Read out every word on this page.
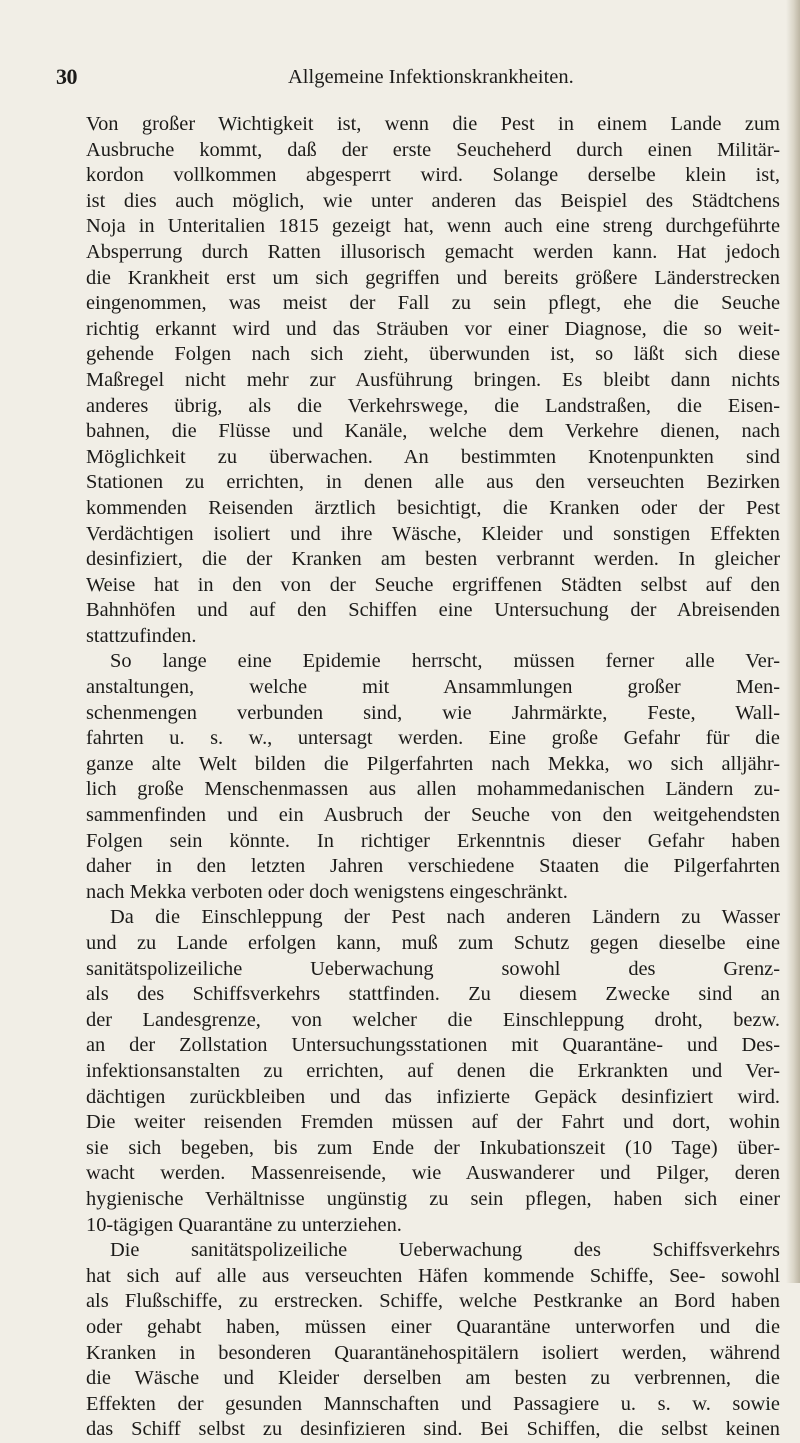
30	Allgemeine Infektionskrankheiten.
Von großer Wichtigkeit ist, wenn die Pest in einem Lande zum
Ausbruche kommt, daß der erste Seucheherd durch einen Militär-
kordon vollkommen abgesperrt wird. Solange derselbe klein ist,
ist dies auch möglich, wie unter anderen das Beispiel des Städtchens
Noja in Unteritalien 1815 gezeigt hat, wenn auch eine streng durchgeführte
Absperrung durch Ratten illusorisch gemacht werden kann. Hat jedoch
die Krankheit erst um sich gegriffen und bereits größere Länderstrecken
eingenommen, was meist der Fall zu sein pflegt, ehe die Seuche
richtig erkannt wird und das Sträuben vor einer Diagnose, die so weit-
gehende Folgen nach sich zieht, überwunden ist, so läßt sich diese
Maßregel nicht mehr zur Ausführung bringen. Es bleibt dann nichts
anderes übrig, als die Verkehrswege, die Landstraßen, die Eisen-
bahnen, die Flüsse und Kanäle, welche dem Verkehre dienen, nach
Möglichkeit zu überwachen. An bestimmten Knotenpunkten sind
Stationen zu errichten, in denen alle aus den verseuchten Bezirken
kommenden Reisenden ärztlich besichtigt, die Kranken oder der Pest
Verdächtigen isoliert und ihre Wäsche, Kleider und sonstigen Effekten
desinfiziert, die der Kranken am besten verbrannt werden. In gleicher
Weise hat in den von der Seuche ergriffenen Städten selbst auf den
Bahnhöfen und auf den Schiffen eine Untersuchung der Abreisenden
stattzufinden.
So lange eine Epidemie herrscht, müssen ferner alle Ver-
anstaltungen, welche mit Ansammlungen großer Men-
schenmengen verbunden sind, wie Jahrmärkte, Feste, Wall-
fahrten u. s. w., untersagt werden. Eine große Gefahr für die
ganze alte Welt bilden die Pilgerfahrten nach Mekka, wo sich alljähr-
lich große Menschenmassen aus allen mohammedanischen Ländern zu-
sammenfinden und ein Ausbruch der Seuche von den weitgehendsten
Folgen sein könnte. In richtiger Erkenntnis dieser Gefahr haben
daher in den letzten Jahren verschiedene Staaten die Pilgerfahrten
nach Mekka verboten oder doch wenigstens eingeschränkt.
Da die Einschleppung der Pest nach anderen Ländern zu Wasser
und zu Lande erfolgen kann, muß zum Schutz gegen dieselbe eine
sanitätspolizeiliche Ueberwachung sowohl des Grenz-
als des Schiffsverkehrs stattfinden. Zu diesem Zwecke sind an
der Landesgrenze, von welcher die Einschleppung droht, bezw.
an der Zollstation Untersuchungsstationen mit Quarantäne- und Des-
infektionsanstalten zu errichten, auf denen die Erkrankten und Ver-
dächtigen zurückbleiben und das infizierte Gepäck desinfiziert wird.
Die weiter reisenden Fremden müssen auf der Fahrt und dort, wohin
sie sich begeben, bis zum Ende der Inkubationszeit (10 Tage) über-
wacht werden. Massenreisende, wie Auswanderer und Pilger, deren
hygienische Verhältnisse ungünstig zu sein pflegen, haben sich einer
10-tägigen Quarantäne zu unterziehen.
Die sanitätspolizeiliche Ueberwachung des Schiffsverkehrs
hat sich auf alle aus verseuchten Häfen kommende Schiffe, See- sowohl
als Flußschiffe, zu erstrecken. Schiffe, welche Pestkranke an Bord haben
oder gehabt haben, müssen einer Quarantäne unterworfen und die
Kranken in besonderen Quarantänehospitälern isoliert werden, während
die Wäsche und Kleider derselben am besten zu verbrennen, die
Effekten der gesunden Mannschaften und Passagiere u. s. w. sowie
das Schiff selbst zu desinfizieren sind. Bei Schiffen, die selbst keinen
